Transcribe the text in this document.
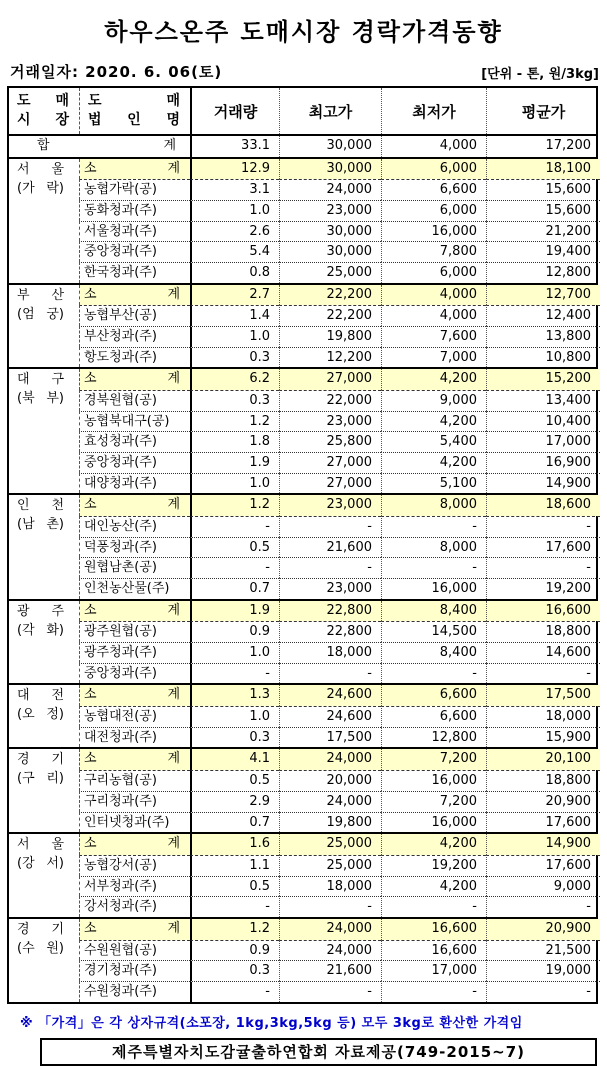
하우스온주 도매시장 경락가격동향
거래일자: 2020. 6. 06(토)	[단위 - 톤, 원/3kg]
도 매
시 장
도 매
법 인 명	거래량	최고가	최저가	평균가
합 계	33.1	30,000	4,000	17,200
서 울
(가 락)
소 계	12.9	30,000	6,000	18,100
농협가락(공)	3.1	24,000	6,600	15,600
동화청과(주)	1.0	23,000	6,000	15,600
서울청과(주)	2.6	30,000	16,000	21,200
중앙청과(주)	5.4	30,000	7,800	19,400
한국청과(주)	0.8	25,000	6,000	12,800
부 산
(엄 궁)
소 계	2.7	22,200	4,000	12,700
농협부산(공)	1.4	22,200	4,000	12,400
부산청과(주)	1.0	19,800	7,600	13,800
항도청과(주)	0.3	12,200	7,000	10,800
대 구
(북 부)
소 계	6.2	27,000	4,200	15,200
경북원협(공)	0.3	22,000	9,000	13,400
농협북대구(공)	1.2	23,000	4,200	10,400
효성청과(주)	1.8	25,800	5,400	17,000
중앙청과(주)	1.9	27,000	4,200	16,900
대양청과(주)	1.0	27,000	5,100	14,900
인 천
(남 촌)
소 계	1.2	23,000	8,000	18,600
대인농산(주)	-	-	-	-
덕풍청과(주)	0.5	21,600	8,000	17,600
원협남촌(공)	-	-	-	-
인천농산물(주)	0.7	23,000	16,000	19,200
광 주
(각 화)
소 계	1.9	22,800	8,400	16,600
광주원협(공)	0.9	22,800	14,500	18,800
광주청과(주)	1.0	18,000	8,400	14,600
중앙청과(주)	-	-	-	-
대 전
(오 정)
소 계	1.3	24,600	6,600	17,500
농협대전(공)	1.0	24,600	6,600	18,000
대전청과(주)	0.3	17,500	12,800	15,900
경 기
(구 리)
소 계	4.1	24,000	7,200	20,100
구리농협(공)	0.5	20,000	16,000	18,800
구리청과(주)	2.9	24,000	7,200	20,900
인터넷청과(주)	0.7	19,800	16,000	17,600
서 울
(강 서)
소 계	1.6	25,000	4,200	14,900
농협강서(공)	1.1	25,000	19,200	17,600
서부청과(주)	0.5	18,000	4,200	9,000
강서청과(주)	-	-	-	-
경 기
(수 원)
소 계	1.2	24,000	16,600	20,900
수원원협(공)	0.9	24,000	16,600	21,500
경기청과(주)	0.3	21,600	17,000	19,000
수원청과(주)	-	-	-	-
※ 「가격」은 각 상자규격(소포장, 1kg,3kg,5kg 등) 모두 3kg로 환산한 가격임
제주특별자치도감귤출하연합회 자료제공(749-2015~7)
